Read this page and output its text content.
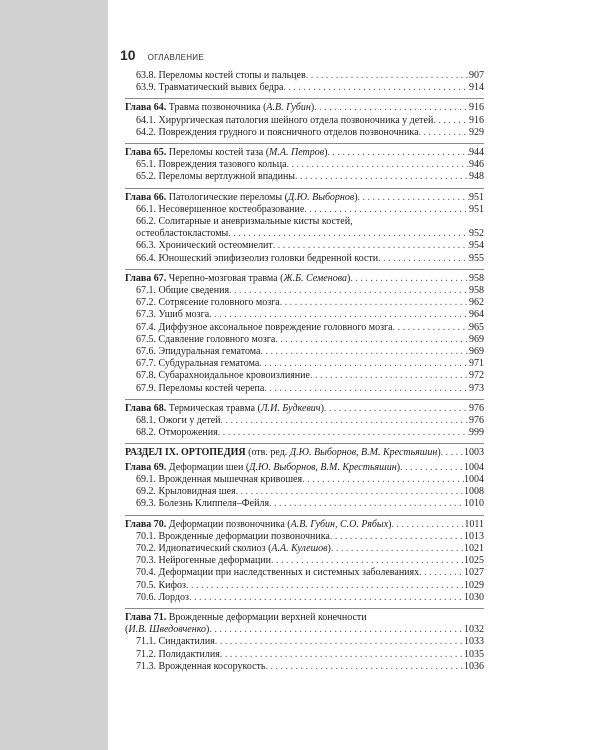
10 ОГЛАВЛЕНИЕ
63.8. Переломы костей стопы и пальцев . . .	907
63.9. Травматический вывих бедра . . .	914
Глава 64. Травма позвоночника (А.В. Губин) . . .	916
64.1. Хирургическая патология шейного отдела позвоночника у детей . . .	916
64.2. Повреждения грудного и поясничного отделов позвоночника . . .	929
Глава 65. Переломы костей таза (М.А. Петров) . . .	944
65.1. Повреждения тазового кольца . . .	946
65.2. Переломы вертлужной впадины . . .	948
Глава 66. Патологические переломы (Д.Ю. Выборнов) . . .	951
66.1. Несовершенное костеобразование . . .	951
66.2. Солитарные и аневризмальные кисты костей,
остеобластокластомы . . .	952
66.3. Хронический остеомиелит . . .	954
66.4. Юношеский эпифизеолиз головки бедренной кости . . .	955
Глава 67. Черепно-мозговая травма (Ж.Б. Семенова) . . .	958
67.1. Общие сведения . . .	958
67.2. Сотрясение головного мозга . . .	962
67.3. Ушиб мозга . . .	964
67.4. Диффузное аксональное повреждение головного мозга . . .	965
67.5. Сдавление головного мозга . . .	969
67.6. Эпидуральная гематома . . .	969
67.7. Субдуральная гематома . . .	971
67.8. Субарахноидальное кровоизлияние . . .	972
67.9. Переломы костей черепа . . .	973
Глава 68. Термическая травма (Л.И. Будкевич) . . .	976
68.1. Ожоги у детей . . .	976
68.2. Отморожения . . .	999
РАЗДЕЛ IX. ОРТОПЕДИЯ (отв. ред. Д.Ю. Выборнов, В.М. Крестьяшин) . . . 1003
Глава 69. Деформации шеи (Д.Ю. Выборнов, В.М. Крестьяшин) . . .	1004
69.1. Врожденная мышечная кривошея . . .	1004
69.2. Крыловидная шея . . .	1008
69.3. Болезнь Клиппеля–Фейля . . .	1010
Глава 70. Деформации позвоночника (А.В. Губин, С.О. Рябых) . . .	1011
70.1. Врожденные деформации позвоночника . . .	1013
70.2. Идиопатический сколиоз (А.А. Кулешов) . . .	1021
70.3. Нейрогенные деформации . . .	1025
70.4. Деформации при наследственных и системных заболеваниях . . .	1027
70.5. Кифоз . . .	1029
70.6. Лордоз . . .	1030
Глава 71. Врожденные деформации верхней конечности
(И.В. Шведовченко) . . .	1032
71.1. Синдактилия . . .	1033
71.2. Полидактилия . . .	1035
71.3. Врожденная косорукость . . .	1036
